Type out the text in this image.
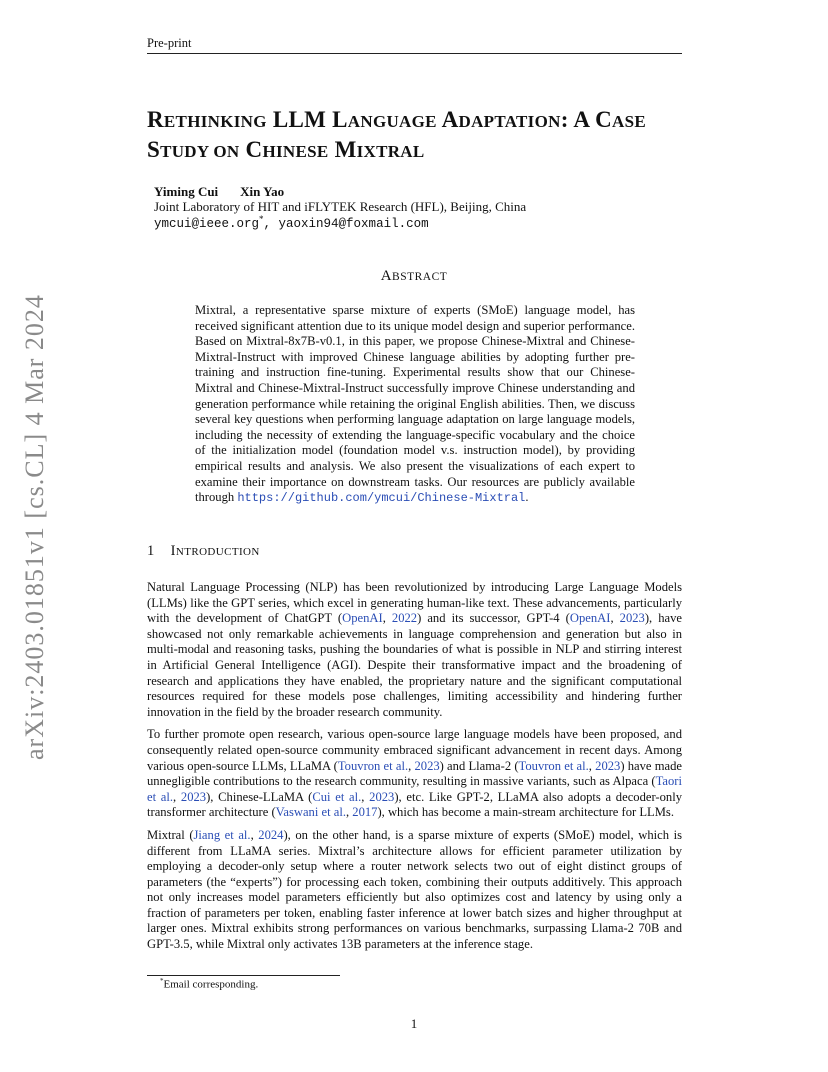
Pre-print
arXiv:2403.01851v1 [cs.CL] 4 Mar 2024
RETHINKING LLM LANGUAGE ADAPTATION: A CASE
STUDY ON CHINESE MIXTRAL
Yiming Cui Xin Yao
Joint Laboratory of HIT and iFLYTEK Research (HFL), Beijing, China
ymcui@ieee.org*, yaoxin94@foxmail.com
ABSTRACT
Mixtral, a representative sparse mixture of experts (SMoE) language model, has received significant attention due to its unique model design and superior performance. Based on Mixtral-8x7B-v0.1, in this paper, we propose Chinese-Mixtral and Chinese-Mixtral-Instruct with improved Chinese language abilities by adopting further pre-training and instruction fine-tuning. Experimental results show that our Chinese-Mixtral and Chinese-Mixtral-Instruct successfully improve Chinese understanding and generation performance while retaining the original English abilities. Then, we discuss several key questions when performing language adaptation on large language models, including the necessity of extending the language-specific vocabulary and the choice of the initialization model (foundation model v.s. instruction model), by providing empirical results and analysis. We also present the visualizations of each expert to examine their importance on downstream tasks. Our resources are publicly available through https://github.com/ymcui/Chinese-Mixtral.
1 INTRODUCTION

Natural Language Processing (NLP) has been revolutionized by introducing Large Language Models (LLMs) like the GPT series, which excel in generating human-like text. These advancements, particularly with the development of ChatGPT (OpenAI, 2022) and its successor, GPT-4 (OpenAI, 2023), have showcased not only remarkable achievements in language comprehension and generation but also in multi-modal and reasoning tasks, pushing the boundaries of what is possible in NLP and stirring interest in Artificial General Intelligence (AGI). Despite their transformative impact and the broadening of research and applications they have enabled, the proprietary nature and the significant computational resources required for these models pose challenges, limiting accessibility and hindering further innovation in the field by the broader research community.

To further promote open research, various open-source large language models have been proposed, and consequently related open-source community embraced significant advancement in recent days. Among various open-source LLMs, LLaMA (Touvron et al., 2023) and Llama-2 (Touvron et al., 2023) have made unnegligible contributions to the research community, resulting in massive variants, such as Alpaca (Taori et al., 2023), Chinese-LLaMA (Cui et al., 2023), etc. Like GPT-2, LLaMA also adopts a decoder-only transformer architecture (Vaswani et al., 2017), which has become a main-stream architecture for LLMs.

Mixtral (Jiang et al., 2024), on the other hand, is a sparse mixture of experts (SMoE) model, which is different from LLaMA series. Mixtral’s architecture allows for efficient parameter utilization by employing a decoder-only setup where a router network selects two out of eight distinct groups of parameters (the “experts”) for processing each token, combining their outputs additively. This approach not only increases model parameters efficiently but also optimizes cost and latency by using only a fraction of parameters per token, enabling faster inference at lower batch sizes and higher throughput at larger ones. Mixtral exhibits strong performances on various benchmarks, surpassing Llama-2 70B and GPT-3.5, while Mixtral only activates 13B parameters at the inference stage.

*Email corresponding.
1
